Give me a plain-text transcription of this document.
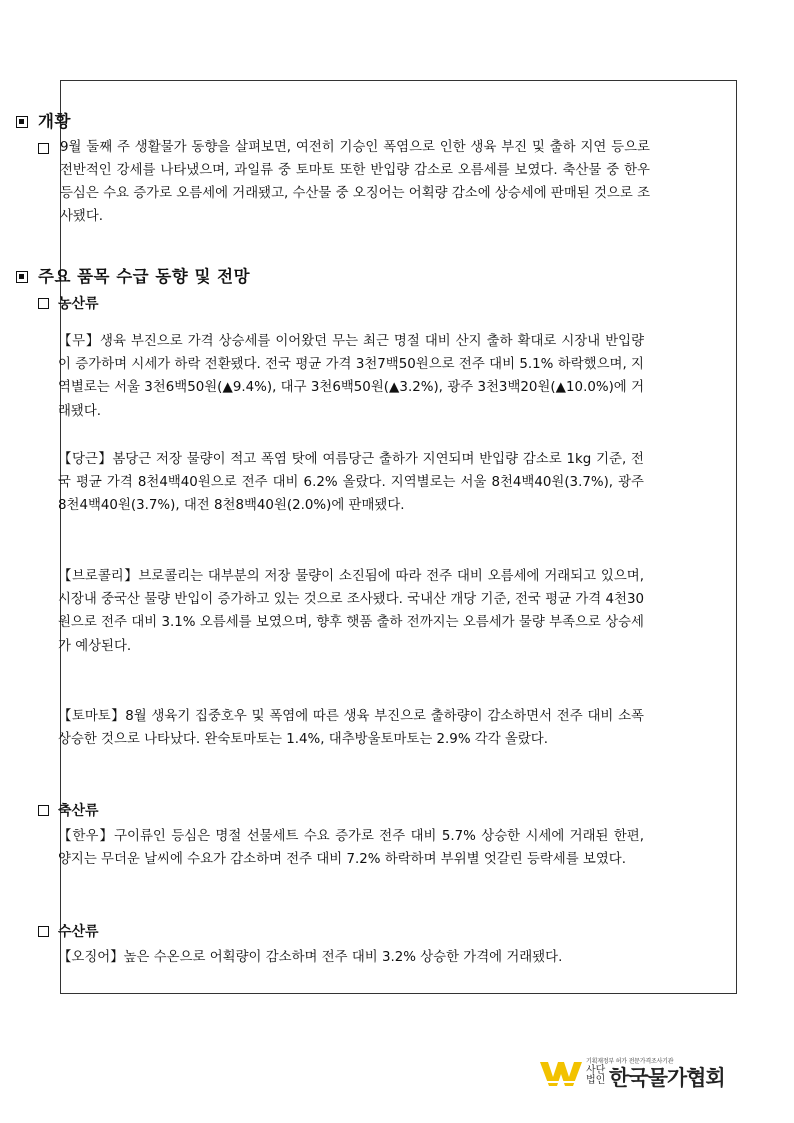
개황

9월 둘째 주 생활물가 동향을 살펴보면, 여전히 기승인 폭염으로 인한 생육 부진 및 출하 지연 등으로 전반적인 강세를 나타냈으며, 과일류 중 토마토 또한 반입량 감소로 오름세를 보였다. 축산물 중 한우 등심은 수요 증가로 오름세에 거래됐고, 수산물 중 오징어는 어획량 감소에 상승세에 판매된 것으로 조사됐다.

주요 품목 수급 동향 및 전망
농산류

【무】생육 부진으로 가격 상승세를 이어왔던 무는 최근 명절 대비 산지 출하 확대로 시장내 반입량이 증가하며 시세가 하락 전환됐다. 전국 평균 가격 3천7백50원으로 전주 대비 5.1% 하락했으며, 지역별로는 서울 3천6백50원(▲9.4%), 대구 3천6백50원(▲3.2%), 광주 3천3백20원(▲10.0%)에 거래됐다.

【당근】봄당근 저장 물량이 적고 폭염 탓에 여름당근 출하가 지연되며 반입량 감소로 1kg 기준, 전국 평균 가격 8천4백40원으로 전주 대비 6.2% 올랐다. 지역별로는 서울 8천4백40원(3.7%), 광주 8천4백40원(3.7%), 대전 8천8백40원(2.0%)에 판매됐다.

【브로콜리】브로콜리는 대부분의 저장 물량이 소진됨에 따라 전주 대비 오름세에 거래되고 있으며, 시장내 중국산 물량 반입이 증가하고 있는 것으로 조사됐다. 국내산 개당 기준, 전국 평균 가격 4천30원으로 전주 대비 3.1% 오름세를 보였으며, 향후 햇품 출하 전까지는 오름세가 물량 부족으로 상승세가 예상된다.

【토마토】8월 생육기 집중호우 및 폭염에 따른 생육 부진으로 출하량이 감소하면서 전주 대비 소폭 상승한 것으로 나타났다. 완숙토마토는 1.4%, 대추방울토마토는 2.9% 각각 올랐다.

축산류

【한우】구이류인 등심은 명절 선물세트 수요 증가로 전주 대비 5.7% 상승한 시세에 거래된 한편, 양지는 무더운 날씨에 수요가 감소하며 전주 대비 7.2% 하락하며 부위별 엇갈린 등락세를 보였다.

수산류

【오징어】높은 수온으로 어획량이 감소하며 전주 대비 3.2% 상승한 가격에 거래됐다.

기획재정부 허가 전문가격조사기관
사단법인 한국물가협회
